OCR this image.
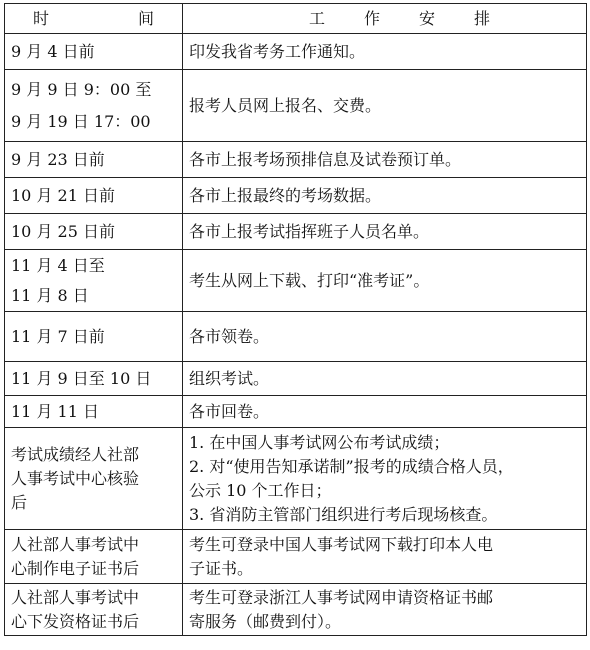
时 间	工 作 安 排

9 月 4 日前	印发我省考务工作通知。

9 月 9 日 9：00 至
9 月 19 日 17：00	报考人员网上报名、交费。

9 月 23 日前	各市上报考场预排信息及试卷预订单。

10 月 21 日前	各市上报最终的考场数据。

10 月 25 日前	各市上报考试指挥班子人员名单。

11 月 4 日至
11 月 8 日	考生从网上下载、打印“准考证”。

11 月 7 日前	各市领卷。

11 月 9 日至 10 日	组织考试。

11 月 11 日	各市回卷。

考试成绩经人社部
人事考试中心核验
后	1. 在中国人事考试网公布考试成绩；
2. 对“使用告知承诺制”报考的成绩合格人员，
公示 10 个工作日；
3. 省消防主管部门组织进行考后现场核查。

人社部人事考试中
心制作电子证书后	考生可登录中国人事考试网下载打印本人电
子证书。

人社部人事考试中
心下发资格证书后	考生可登录浙江人事考试网申请资格证书邮
寄服务（邮费到付）。
